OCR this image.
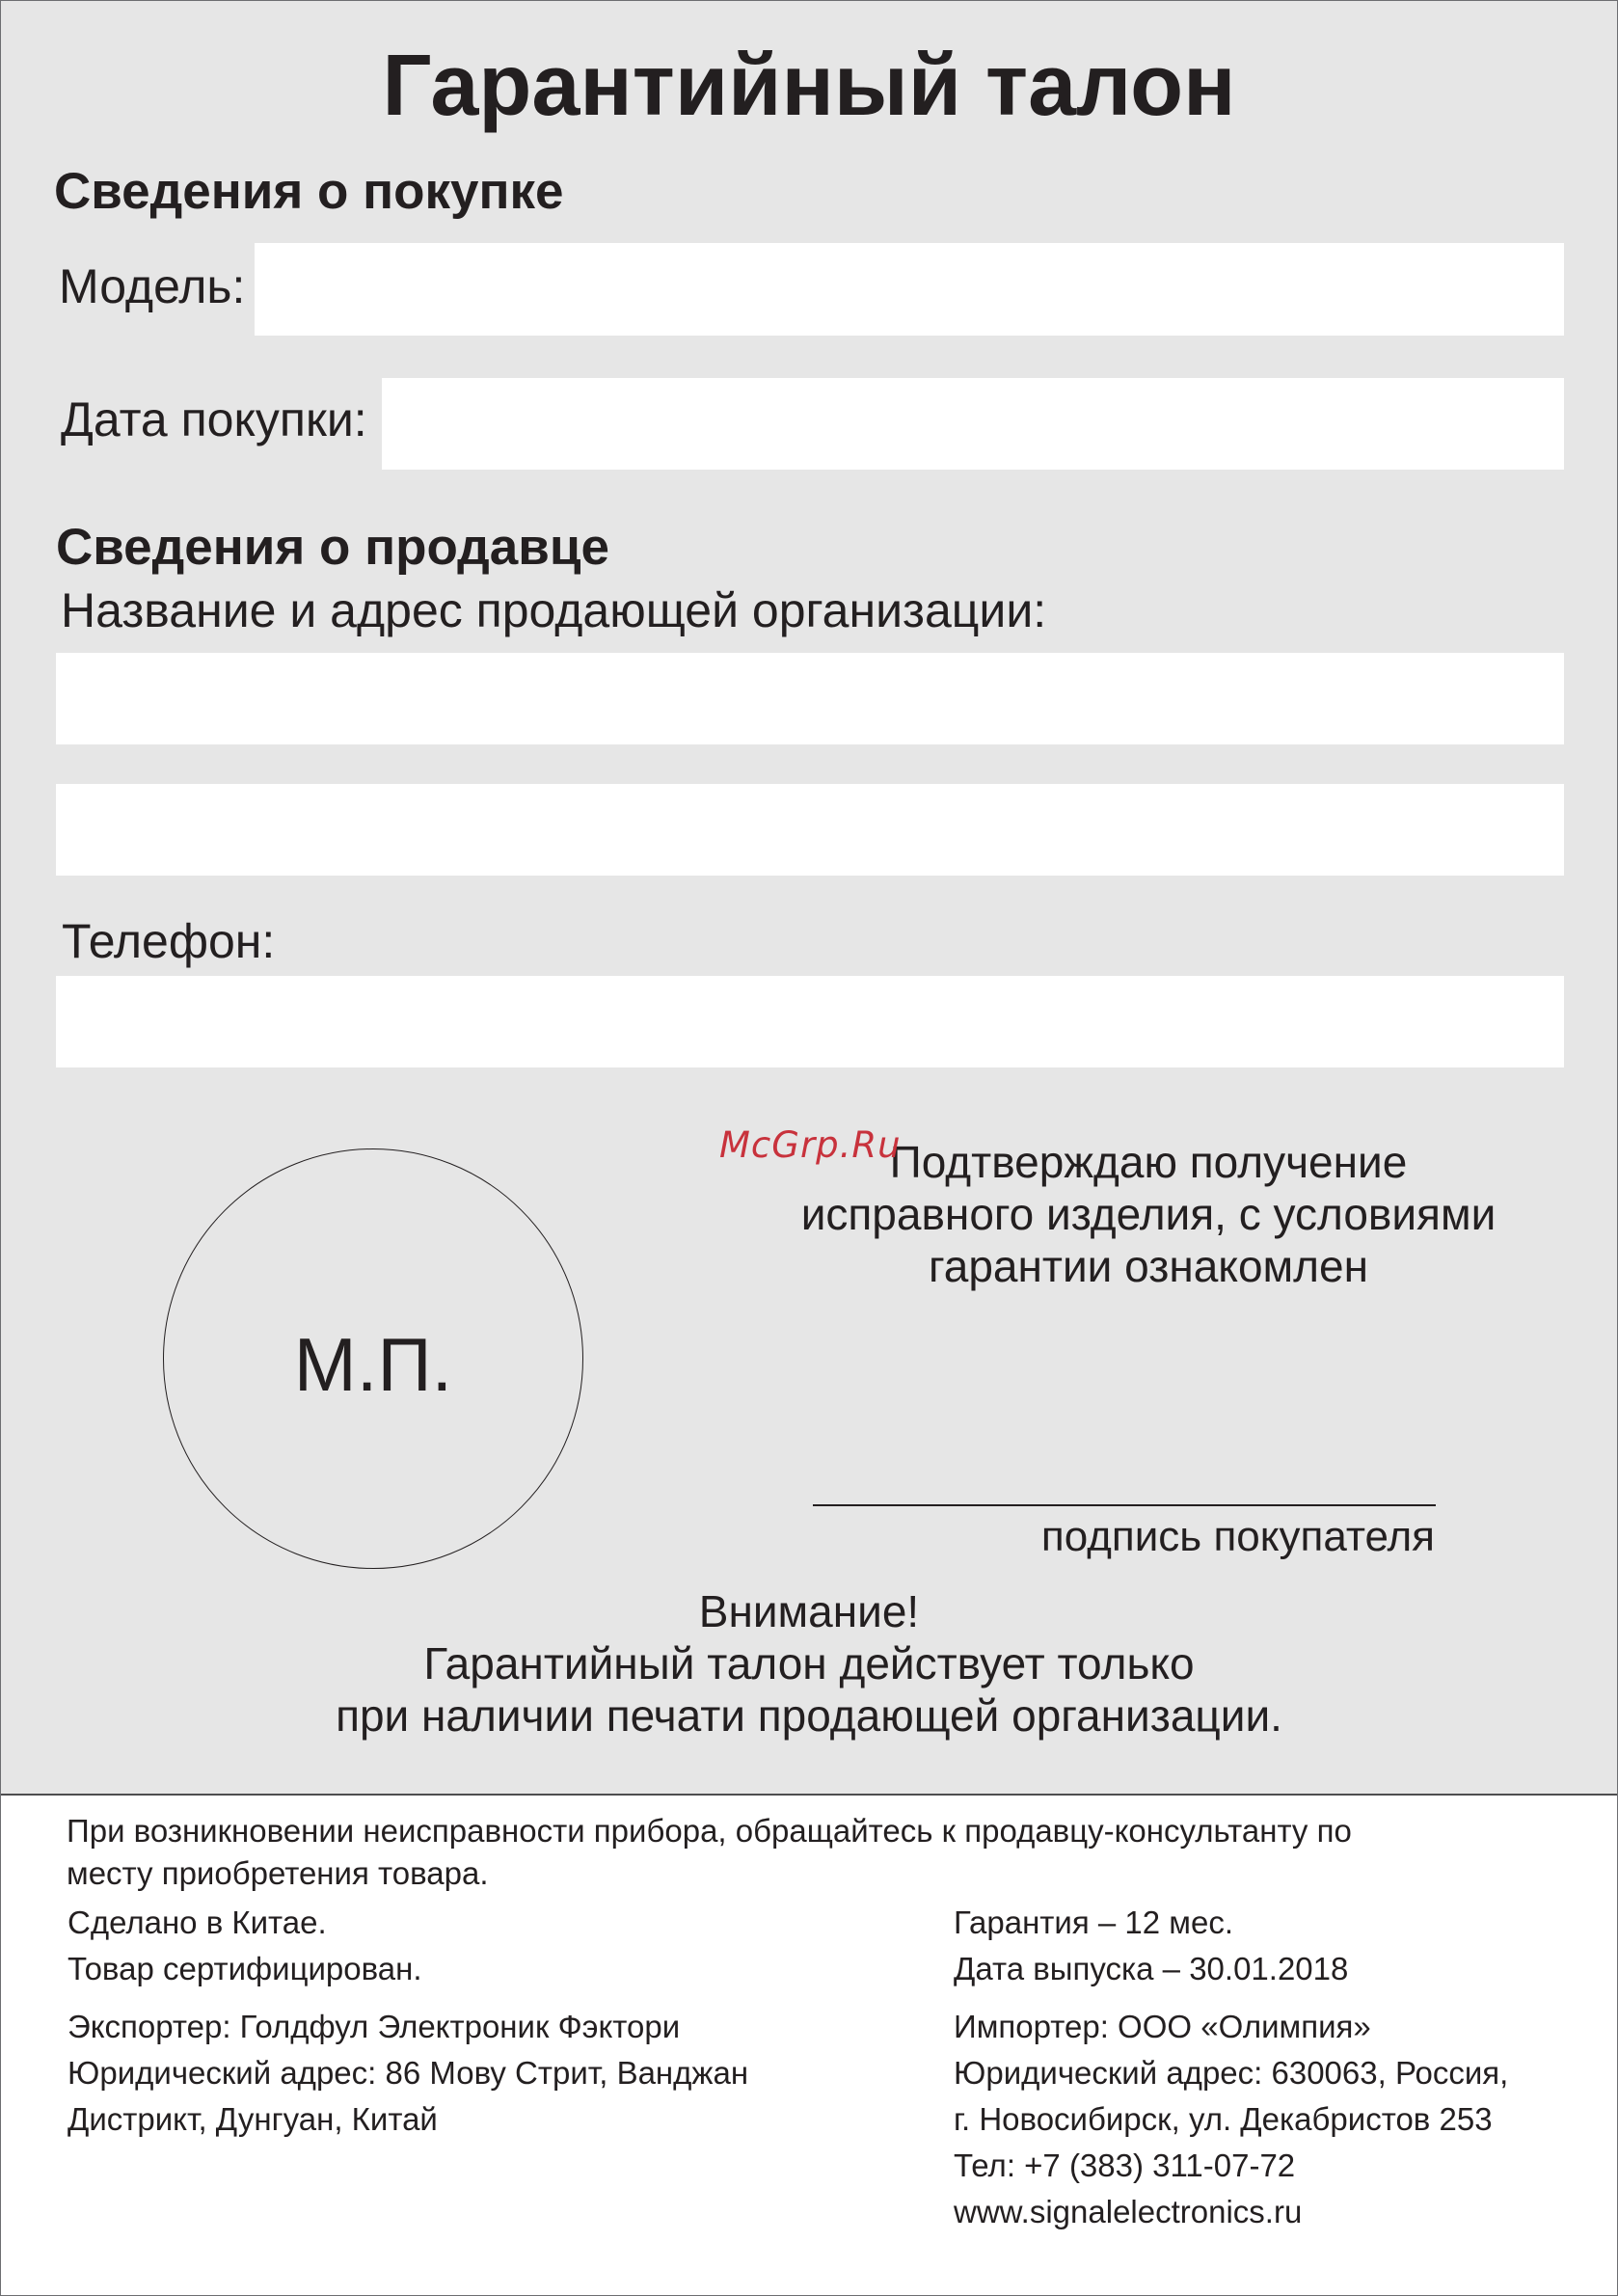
Гарантийный талон
Сведения о покупке
Модель:
Дата покупки:
Сведения о продавце
Название и адрес продающей организации:
Телефон:
М.П.
Подтверждаю получение
исправного изделия, с условиями
гарантии ознакомлен
McGrp.Ru
подпись покупателя
Внимание!
Гарантийный талон действует только
при наличии печати продающей организации.
При возникновении неисправности прибора, обращайтесь к продавцу-консультанту по
месту приобретения товара.
Сделано в Китае.
Товар сертифицирован.
Гарантия – 12 мес.
Дата выпуска – 30.01.2018
Экспортер: Голдфул Электроник Фэктори
Юридический адрес: 86 Мову Стрит, Ванджан
Дистрикт, Дунгуан, Китай
Импортер: ООО «Олимпия»
Юридический адрес: 630063, Россия,
г. Новосибирск, ул. Декабристов 253
Тел: +7 (383) 311-07-72
www.signalelectronics.ru
